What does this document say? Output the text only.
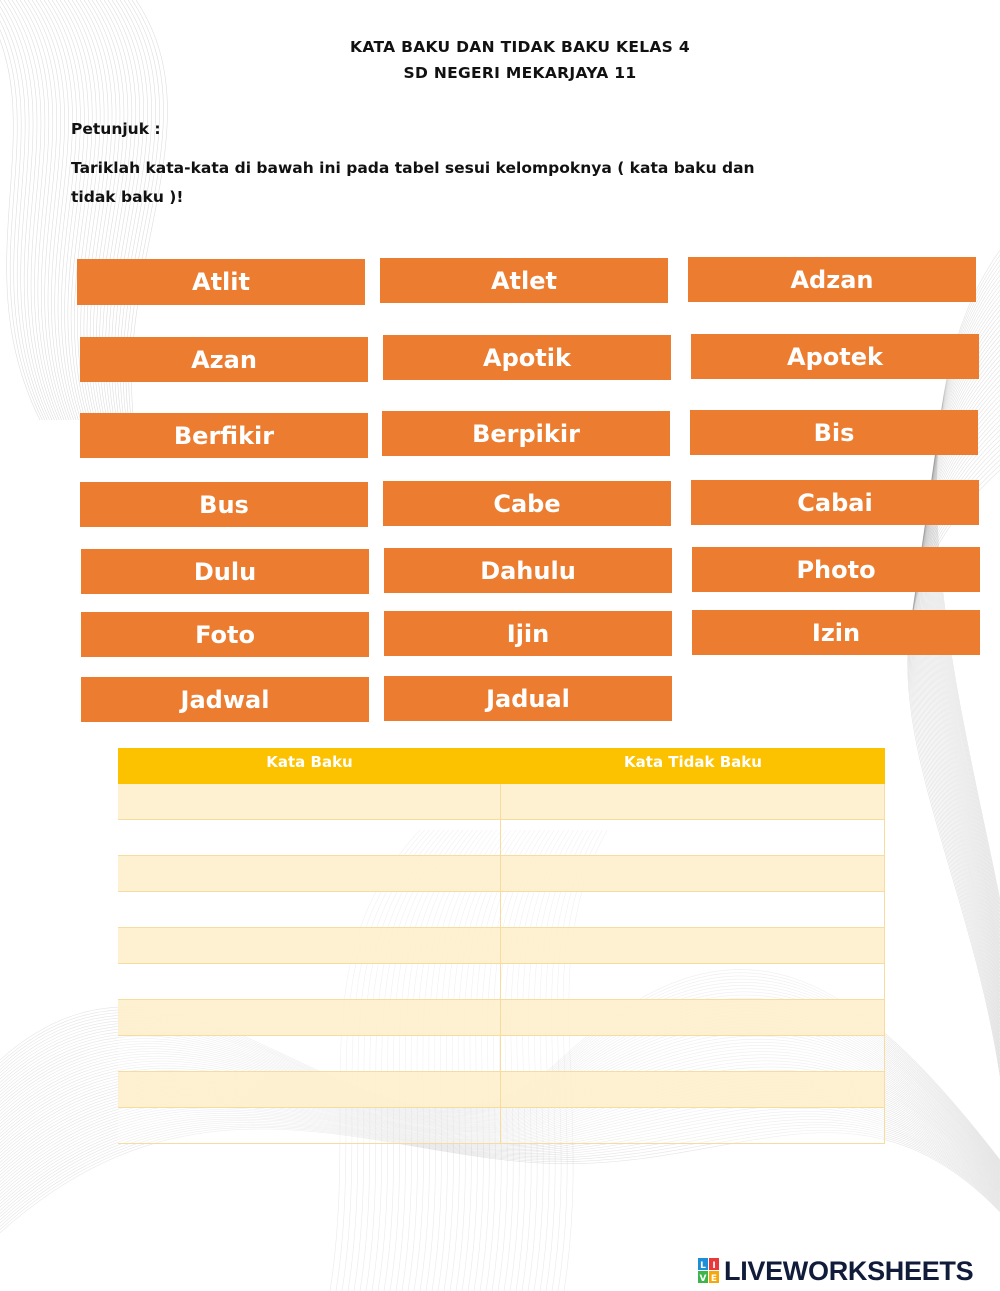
KATA BAKU DAN TIDAK BAKU KELAS 4
SD NEGERI MEKARJAYA 11
Petunjuk :
Tariklah kata-kata di bawah ini pada tabel sesui kelompoknya ( kata baku dan
tidak baku )!
Atlit	Atlet	Adzan
Azan	Apotik	Apotek
Berfikir	Berpikir	Bis
Bus	Cabe	Cabai
Dulu	Dahulu	Photo
Foto	Ijin	Izin
Jadwal	Jadual
Kata Baku	Kata Tidak Baku
L I
V E LIVEWORKSHEETS
